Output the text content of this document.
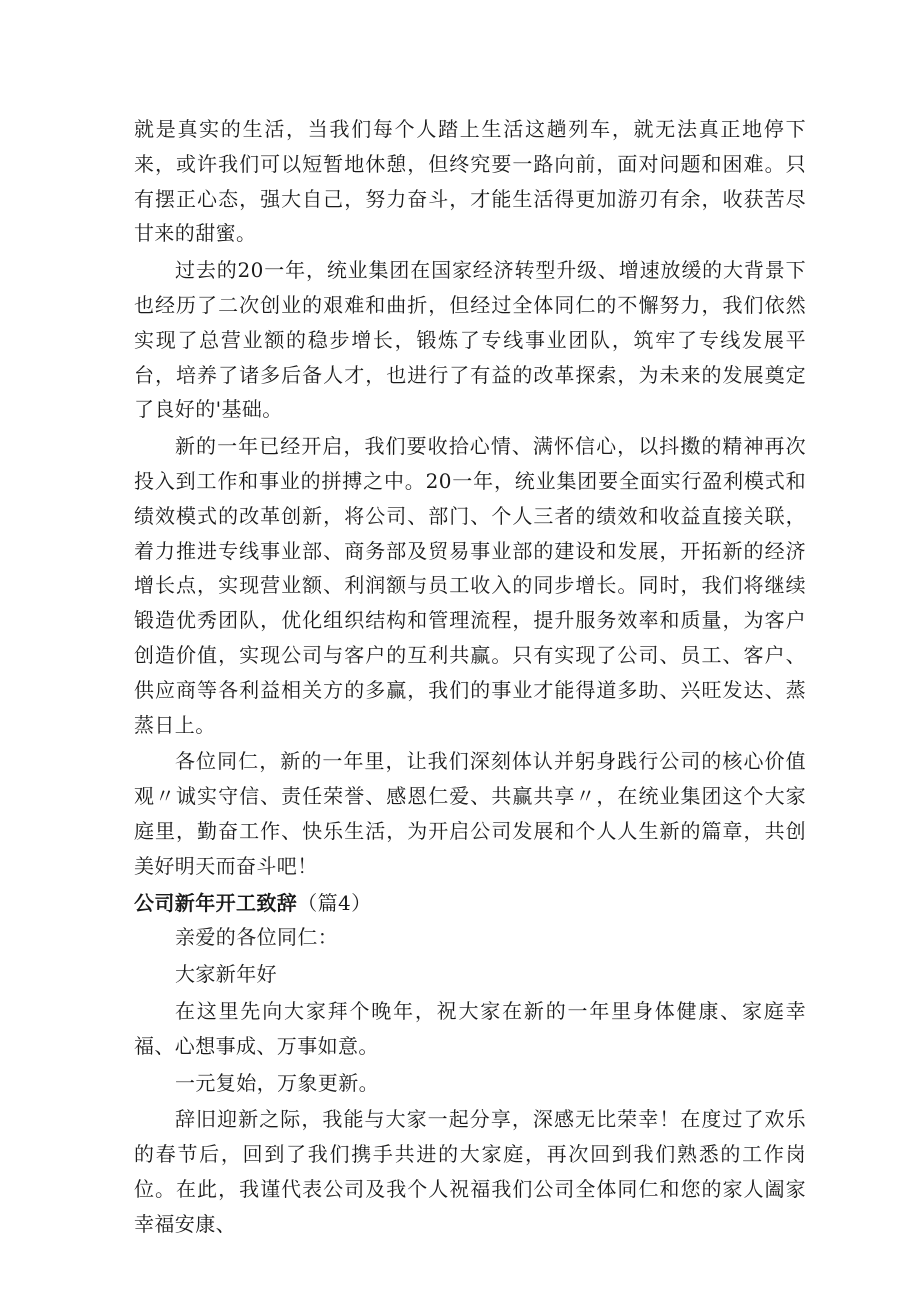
就是真实的生活，当我们每个人踏上生活这趟列车，就无法真正地停下来，或许我们可以短暂地休憩，但终究要一路向前，面对问题和困难。只有摆正心态，强大自己，努力奋斗，才能生活得更加游刃有余，收获苦尽甘来的甜蜜。

过去的20一年，统业集团在国家经济转型升级、增速放缓的大背景下也经历了二次创业的艰难和曲折，但经过全体同仁的不懈努力，我们依然实现了总营业额的稳步增长，锻炼了专线事业团队，筑牢了专线发展平台，培养了诸多后备人才，也进行了有益的改革探索，为未来的发展奠定了良好的'基础。

新的一年已经开启，我们要收拾心情、满怀信心，以抖擞的精神再次投入到工作和事业的拼搏之中。20一年，统业集团要全面实行盈利模式和绩效模式的改革创新，将公司、部门、个人三者的绩效和收益直接关联，着力推进专线事业部、商务部及贸易事业部的建设和发展，开拓新的经济增长点，实现营业额、利润额与员工收入的同步增长。同时，我们将继续锻造优秀团队，优化组织结构和管理流程，提升服务效率和质量，为客户创造价值，实现公司与客户的互利共赢。只有实现了公司、员工、客户、供应商等各利益相关方的多赢，我们的事业才能得道多助、兴旺发达、蒸蒸日上。

各位同仁，新的一年里，让我们深刻体认并躬身践行公司的核心价值观〃诚实守信、责任荣誉、感恩仁爱、共赢共享〃，在统业集团这个大家庭里，勤奋工作、快乐生活，为开启公司发展和个人人生新的篇章，共创美好明天而奋斗吧！

公司新年开工致辞（篇4）

亲爱的各位同仁：

大家新年好

在这里先向大家拜个晚年，祝大家在新的一年里身体健康、家庭幸福、心想事成、万事如意。

一元复始，万象更新。

辞旧迎新之际，我能与大家一起分享，深感无比荣幸！在度过了欢乐的春节后，回到了我们携手共进的大家庭，再次回到我们熟悉的工作岗位。在此，我谨代表公司及我个人祝福我们公司全体同仁和您的家人阖家幸福安康、
